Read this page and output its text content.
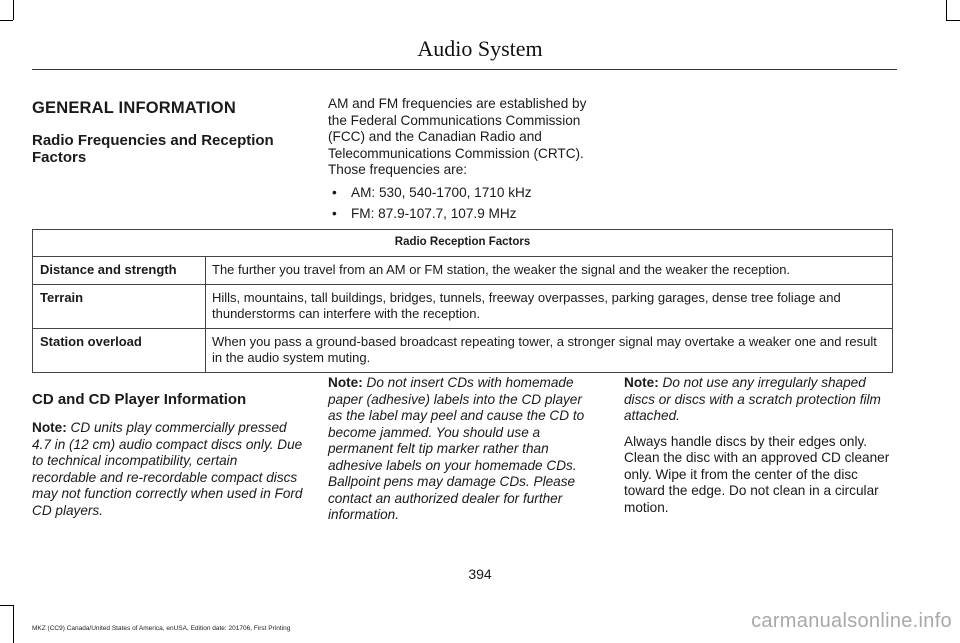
Audio System
GENERAL INFORMATION
Radio Frequencies and Reception Factors

AM and FM frequencies are established by the Federal Communications Commission (FCC) and the Canadian Radio and Telecommunications Commission (CRTC). Those frequencies are:

• AM: 530, 540-1700, 1710 kHz
• FM: 87.9-107.7, 107.9 MHz
Radio Reception Factors	
Distance and strength	The further you travel from an AM or FM station, the weaker the signal and the weaker the reception.
Terrain	Hills, mountains, tall buildings, bridges, tunnels, freeway overpasses, parking garages, dense tree foliage and thunderstorms can interfere with the reception.
Station overload	When you pass a ground-based broadcast repeating tower, a stronger signal may overtake a weaker one and result in the audio system muting.
CD and CD Player Information

Note: CD units play commercially pressed 4.7 in (12 cm) audio compact discs only. Due to technical incompatibility, certain recordable and re-recordable compact discs may not function correctly when used in Ford CD players.

Note: Do not insert CDs with homemade paper (adhesive) labels into the CD player as the label may peel and cause the CD to become jammed. You should use a permanent felt tip marker rather than adhesive labels on your homemade CDs. Ballpoint pens may damage CDs. Please contact an authorized dealer for further information.

Note: Do not use any irregularly shaped discs or discs with a scratch protection film attached.

Always handle discs by their edges only. Clean the disc with an approved CD cleaner only. Wipe it from the center of the disc toward the edge. Do not clean in a circular motion.

394
MKZ (CC9) Canada/United States of America, enUSA, Edition date: 201706, First Printing	carmanualsonline.info
